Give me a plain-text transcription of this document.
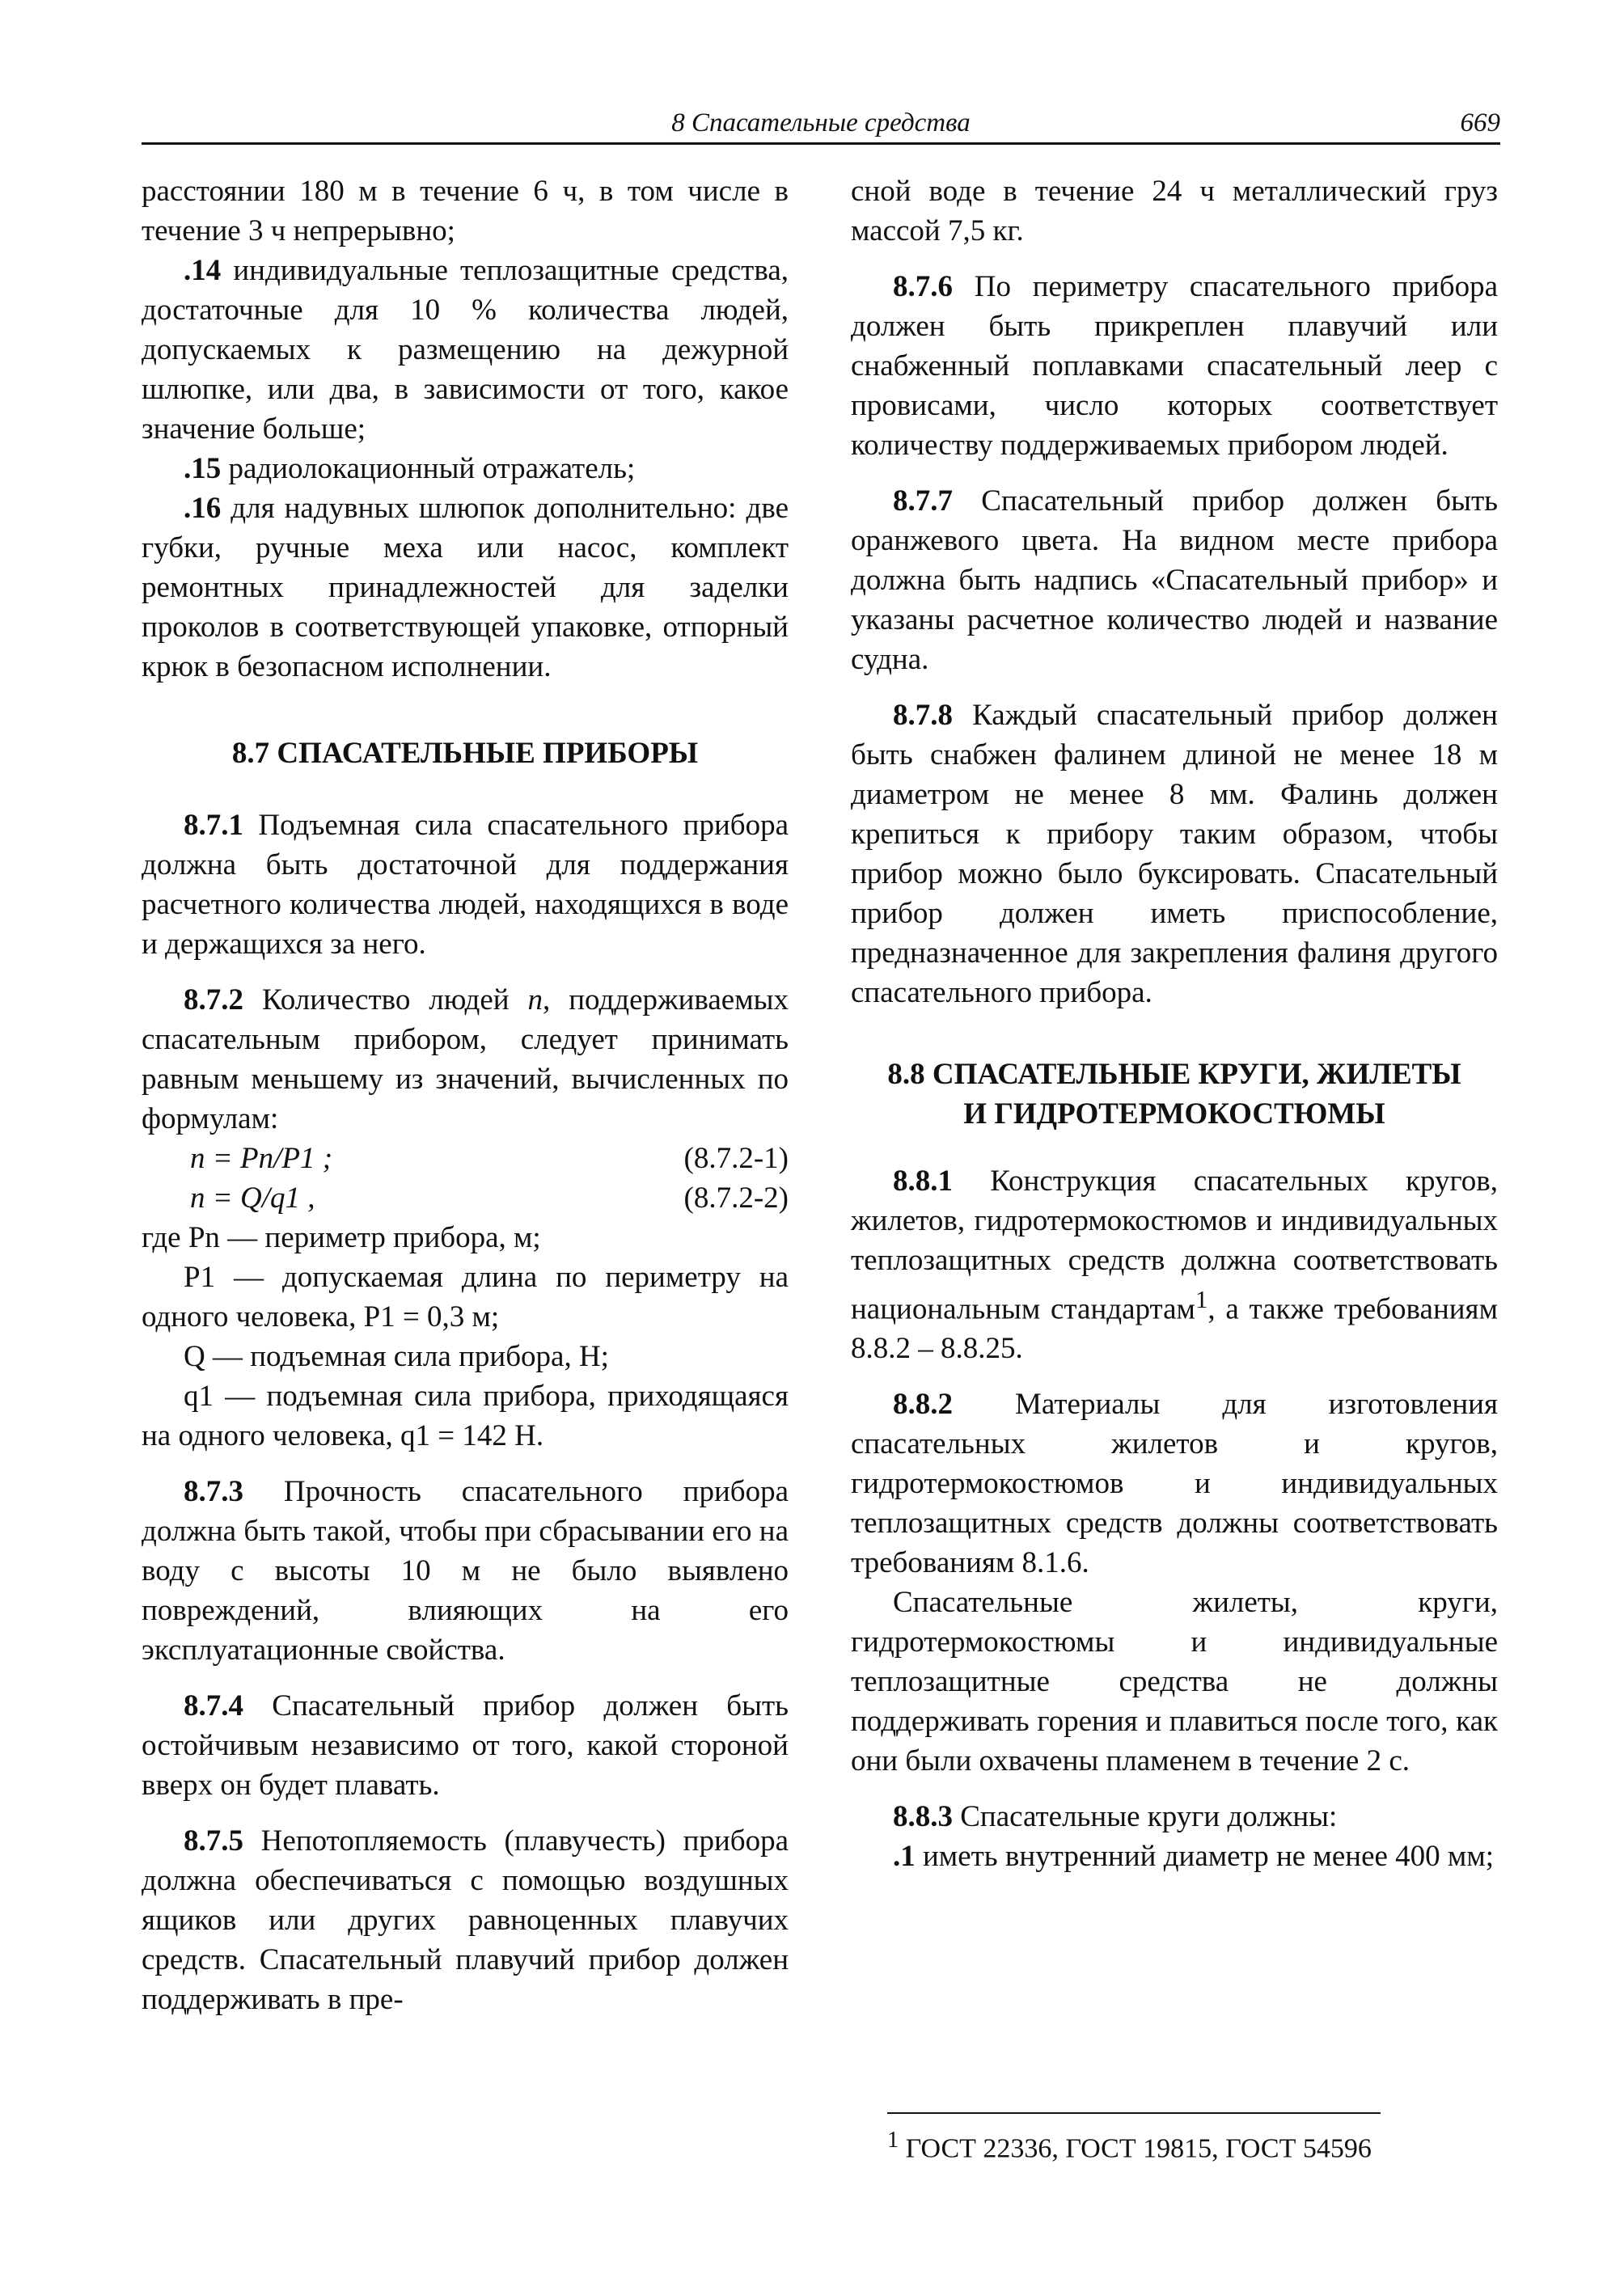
8 Спасательные средства	669

расстоянии 180 м в течение 6 ч, в том числе в течение 3 ч непрерывно;

.14 индивидуальные теплозащитные средства, достаточные для 10 % количества людей, допускаемых к размещению на дежурной шлюпке, или два, в зависимости от того, какое значение больше;

.15 радиолокационный отражатель;

.16 для надувных шлюпок дополнительно: две губки, ручные меха или насос, комплект ремонтных принадлежностей для заделки проколов в соответствующей упаковке, отпорный крюк в безопасном исполнении.

8.7 СПАСАТЕЛЬНЫЕ ПРИБОРЫ

8.7.1 Подъемная сила спасательного прибора должна быть достаточной для поддержания расчетного количества людей, находящихся в воде и держащихся за него.

8.7.2 Количество людей n, поддерживаемых спасательным прибором, следует принимать равным меньшему из значений, вычисленных по формулам:

n = Pn/P1 ;	(8.7.2-1)
n = Q/q1 ,	(8.7.2-2)

где Pn — периметр прибора, м;

P1 — допускаемая длина по периметру на одного человека, P1 = 0,3 м;

Q — подъемная сила прибора, Н;

q1 — подъемная сила прибора, приходящаяся на одного человека, q1 = 142 Н.

8.7.3 Прочность спасательного прибора должна быть такой, чтобы при сбрасывании его на воду с высоты 10 м не было выявлено повреждений, влияющих на его эксплуатационные свойства.

8.7.4 Спасательный прибор должен быть остойчивым независимо от того, какой стороной вверх он будет плавать.

8.7.5 Непотопляемость (плавучесть) прибора должна обеспечиваться с помощью воздушных ящиков или других равноценных плавучих средств. Спасательный плавучий прибор должен поддерживать в пре-

сной воде в течение 24 ч металлический груз массой 7,5 кг.

8.7.6 По периметру спасательного прибора должен быть прикреплен плавучий или снабженный поплавками спасательный леер с провисами, число которых соответствует количеству поддерживаемых прибором людей.

8.7.7 Спасательный прибор должен быть оранжевого цвета. На видном месте прибора должна быть надпись «Спасательный прибор» и указаны расчетное количество людей и название судна.

8.7.8 Каждый спасательный прибор должен быть снабжен фалинем длиной не менее 18 м диаметром не менее 8 мм. Фалинь должен крепиться к прибору таким образом, чтобы прибор можно было буксировать. Спасательный прибор должен иметь приспособление, предназначенное для закрепления фалиня другого спасательного прибора.

8.8 СПАСАТЕЛЬНЫЕ КРУГИ, ЖИЛЕТЫ

И ГИДРОТЕРМОКОСТЮМЫ

8.8.1 Конструкция спасательных кругов, жилетов, гидротермокостюмов и индивидуальных теплозащитных средств должна соответствовать национальным стандартам$^1$, а также требованиям 8.8.2 – 8.8.25.

8.8.2 Материалы для изготовления спасательных жилетов и кругов, гидротермокостюмов и индивидуальных теплозащитных средств должны соответствовать требованиям 8.1.6.

Спасательные жилеты, круги, гидротермокостюмы и индивидуальные теплозащитные средства не должны поддерживать горения и плавиться после того, как они были охвачены пламенем в течение 2 с.

8.8.3 Спасательные круги должны:

.1 иметь внутренний диаметр не менее 400 мм;

$^1$ ГОСТ 22336, ГОСТ 19815, ГОСТ 54596
